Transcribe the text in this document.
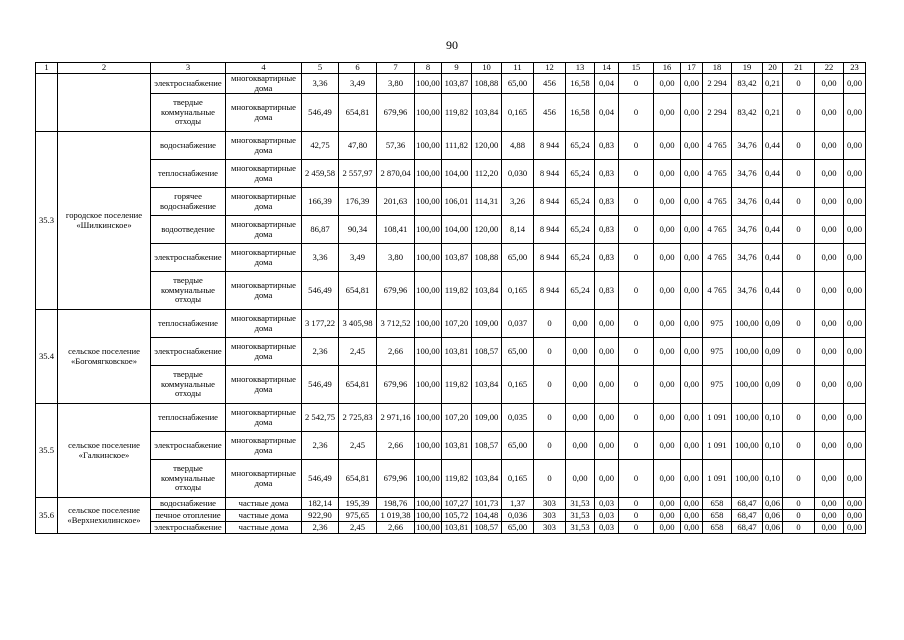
90
1	2	3	4	5	6	7	8	9	10	11	12	13	14	15	16	17	18	19	20	21	22	23
		электроснабжение	многоквартирные дома	3,36	3,49	3,80	100,00	103,87	108,88	65,00	456	16,58	0,04	0	0,00	0,00	2 294	83,42	0,21	0	0,00	0,00
		твердые коммунальные отходы	многоквартирные дома	546,49	654,81	679,96	100,00	119,82	103,84	0,165	456	16,58	0,04	0	0,00	0,00	2 294	83,42	0,21	0	0,00	0,00
35.3	городское поселение «Шилкинское»	водоснабжение	многоквартирные дома	42,75	47,80	57,36	100,00	111,82	120,00	4,88	8 944	65,24	0,83	0	0,00	0,00	4 765	34,76	0,44	0	0,00	0,00
		теплоснабжение	многоквартирные дома	2 459,58	2 557,97	2 870,04	100,00	104,00	112,20	0,030	8 944	65,24	0,83	0	0,00	0,00	4 765	34,76	0,44	0	0,00	0,00
		горячее водоснабжение	многоквартирные дома	166,39	176,39	201,63	100,00	106,01	114,31	3,26	8 944	65,24	0,83	0	0,00	0,00	4 765	34,76	0,44	0	0,00	0,00
		водоотведение	многоквартирные дома	86,87	90,34	108,41	100,00	104,00	120,00	8,14	8 944	65,24	0,83	0	0,00	0,00	4 765	34,76	0,44	0	0,00	0,00
		электроснабжение	многоквартирные дома	3,36	3,49	3,80	100,00	103,87	108,88	65,00	8 944	65,24	0,83	0	0,00	0,00	4 765	34,76	0,44	0	0,00	0,00
		твердые коммунальные отходы	многоквартирные дома	546,49	654,81	679,96	100,00	119,82	103,84	0,165	8 944	65,24	0,83	0	0,00	0,00	4 765	34,76	0,44	0	0,00	0,00
35.4	сельское поселение «Богомягковское»	теплоснабжение	многоквартирные дома	3 177,22	3 405,98	3 712,52	100,00	107,20	109,00	0,037	0	0,00	0,00	0	0,00	0,00	975	100,00	0,09	0	0,00	0,00
		электроснабжение	многоквартирные дома	2,36	2,45	2,66	100,00	103,81	108,57	65,00	0	0,00	0,00	0	0,00	0,00	975	100,00	0,09	0	0,00	0,00
		твердые коммунальные отходы	многоквартирные дома	546,49	654,81	679,96	100,00	119,82	103,84	0,165	0	0,00	0,00	0	0,00	0,00	975	100,00	0,09	0	0,00	0,00
35.5	сельское поселение «Галкинское»	теплоснабжение	многоквартирные дома	2 542,75	2 725,83	2 971,16	100,00	107,20	109,00	0,035	0	0,00	0,00	0	0,00	0,00	1 091	100,00	0,10	0	0,00	0,00
		электроснабжение	многоквартирные дома	2,36	2,45	2,66	100,00	103,81	108,57	65,00	0	0,00	0,00	0	0,00	0,00	1 091	100,00	0,10	0	0,00	0,00
		твердые коммунальные отходы	многоквартирные дома	546,49	654,81	679,96	100,00	119,82	103,84	0,165	0	0,00	0,00	0	0,00	0,00	1 091	100,00	0,10	0	0,00	0,00
35.6	сельское поселение «Верхнехилинское»	водоснабжение	частные дома	182,14	195,39	198,76	100,00	107,27	101,73	1,37	303	31,53	0,03	0	0,00	0,00	658	68,47	0,06	0	0,00	0,00
		печное отопление	частные дома	922,90	975,65	1 019,38	100,00	105,72	104,48	0,036	303	31,53	0,03	0	0,00	0,00	658	68,47	0,06	0	0,00	0,00
		электроснабжение	частные дома	2,36	2,45	2,66	100,00	103,81	108,57	65,00	303	31,53	0,03	0	0,00	0,00	658	68,47	0,06	0	0,00	0,00
